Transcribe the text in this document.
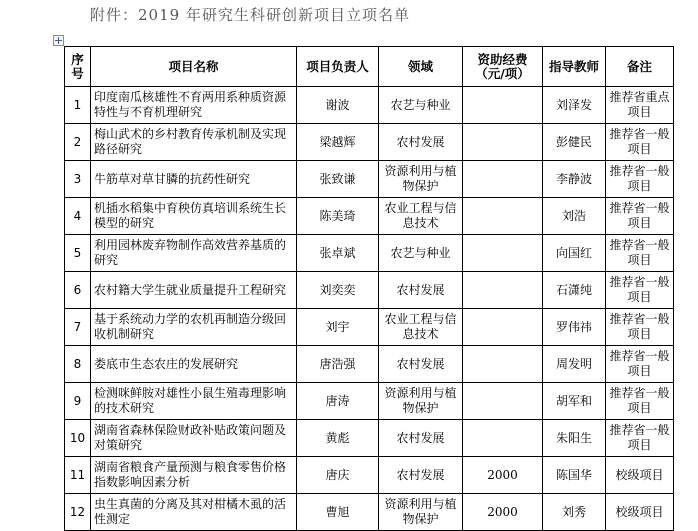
附件：2019 年研究生科研创新项目立项名单
序号	项目名称	项目负责人	领域	资助经费（元/项）	指导教师	备注
1	印度南瓜核雄性不育两用系种质资源特性与不育机理研究	谢波	农艺与种业		刘泽发	推荐省重点项目
2	梅山武术的乡村教育传承机制及实现路径研究	梁越辉	农村发展		彭健民	推荐省一般项目
3	牛筋草对草甘膦的抗药性研究	张致谦	资源利用与植物保护		李静波	推荐省一般项目
4	机插水稻集中育秧仿真培训系统生长模型的研究	陈美琦	农业工程与信息技术		刘浩	推荐省一般项目
5	利用园林废弃物制作高效营养基质的研究	张卓斌	农艺与种业		向国红	推荐省一般项目
6	农村籍大学生就业质量提升工程研究	刘奕奕	农村发展		石潇纯	推荐省一般项目
7	基于系统动力学的农机再制造分级回收机制研究	刘宇	农业工程与信息技术		罗伟祎	推荐省一般项目
8	娄底市生态农庄的发展研究	唐浩强	农村发展		周发明	推荐省一般项目
9	检测咪鲜胺对雄性小鼠生殖毒理影响的技术研究	唐涛	资源利用与植物保护		胡军和	推荐省一般项目
10	湖南省森林保险财政补贴政策问题及对策研究	黄彪	农村发展		朱阳生	推荐省一般项目
11	湖南省粮食产量预测与粮食零售价格指数影响因素分析	唐庆	农村发展	2000	陈国华	校级项目
12	虫生真菌的分离及其对柑橘木虱的活性测定	曹旭	资源利用与植物保护	2000	刘秀	校级项目
